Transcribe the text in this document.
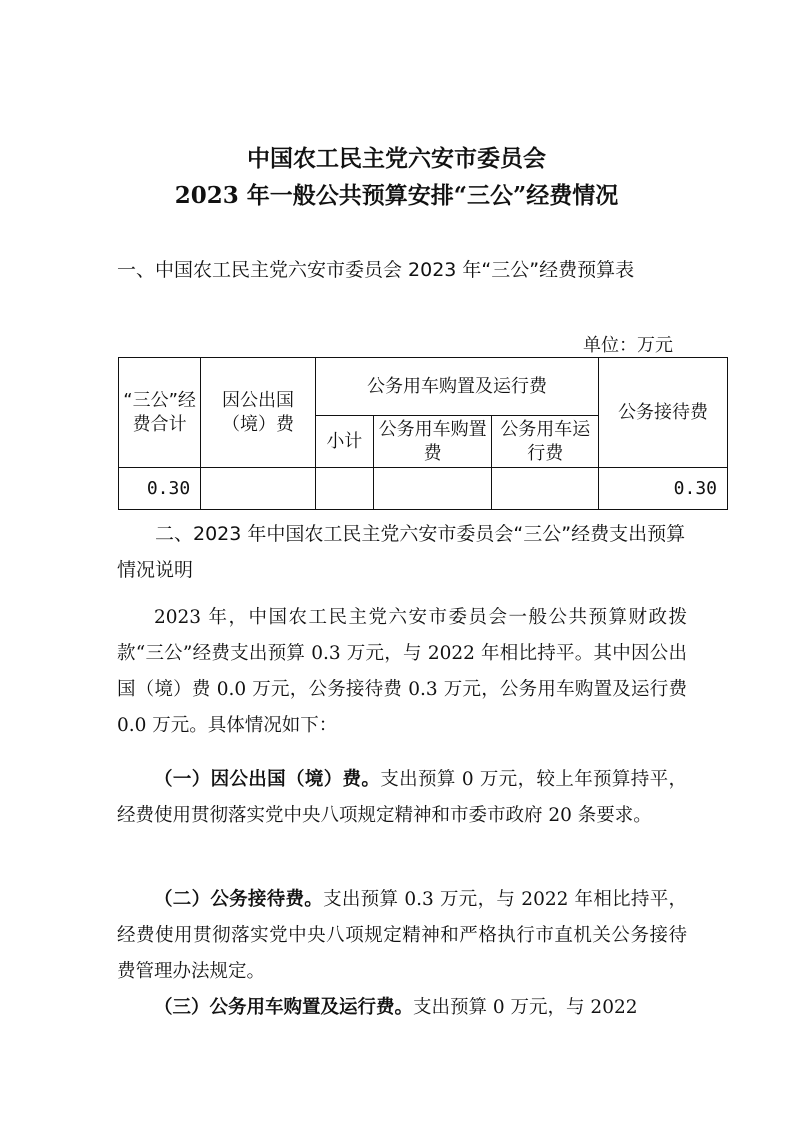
中国农工民主党六安市委员会
2023 年一般公共预算安排“三公”经费情况
一、中国农工民主党六安市委员会 2023 年“三公”经费预算表
单位：万元
“三公”经费合计	因公出国（境）费	公务用车购置及运行费			公务接待费
		小计	公务用车购置费	公务用车运行费	
0.30					0.30
二、2023 年中国农工民主党六安市委员会“三公”经费支出预算情况说明
2023 年，中国农工民主党六安市委员会一般公共预算财政拨款“三公”经费支出预算 0.3 万元，与 2022 年相比持平。其中因公出国（境）费 0.0 万元，公务接待费 0.3 万元，公务用车购置及运行费 0.0 万元。具体情况如下：
（一）因公出国（境）费。支出预算 0 万元，较上年预算持平，经费使用贯彻落实党中央八项规定精神和市委市政府 20 条要求。
（二）公务接待费。支出预算 0.3 万元，与 2022 年相比持平，经费使用贯彻落实党中央八项规定精神和严格执行市直机关公务接待费管理办法规定。
（三）公务用车购置及运行费。支出预算 0 万元，与 2022
